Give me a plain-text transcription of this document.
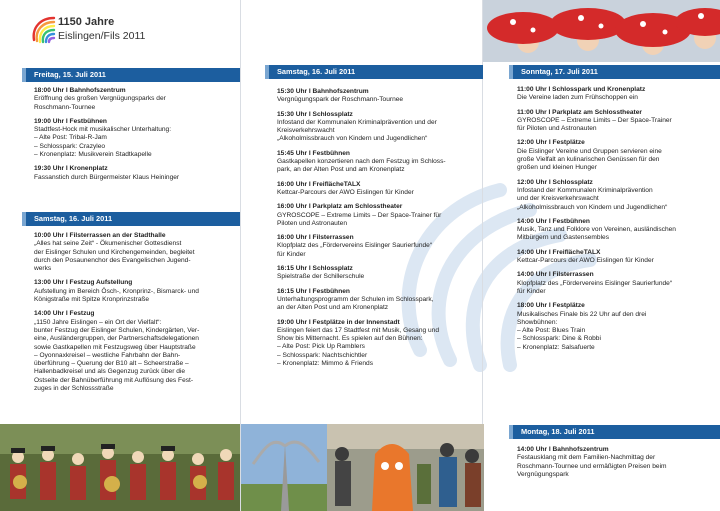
1150 Jahre
Eislingen/Fils 2011
Freitag, 15. Juli 2011
18:00 Uhr I Bahnhofszentrum
Eröffnung des großen Vergnügungsparks der
Roschmann-Tournee
19:00 Uhr I Festbühnen
Stadtfest-Hock mit musikalischer Unterhaltung:
– Alte Post: Tribal-R-Jam
– Schlosspark: Crazyleo
– Kronenplatz: Musikverein Stadtkapelle
19:30 Uhr I Kronenplatz
Fassanstich durch Bürgermeister Klaus Heininger
Samstag, 16. Juli 2011
10:00 Uhr I Filsterrassen an der Stadthalle
„Alles hat seine Zeit“ - Ökumenischer Gottesdienst
der Eislinger Schulen und Kirchengemeinden, begleitet
durch den Posaunenchor des Evangelischen Jugend-
werks
13:00 Uhr I Festzug Aufstellung
Aufstellung im Bereich Ösch-, Kronprinz-, Bismarck- und
Königstraße mit Spitze Kronprinzstraße
14:00 Uhr I Festzug
„1150 Jahre Eislingen – ein Ort der Vielfalt“:
bunter Festzug der Eislinger Schulen, Kindergärten, Ver-
eine, Ausländergruppen, der Partnerschaftsdelegationen
sowie Gastkapellen mit Festzugsweg über Hauptstraße
– Oyonnaxkreisel – westliche Fahrbahn der Bahn-
überführung – Querung der B10 alt – Scheerstraße –
Hallenbadkreisel und als Gegenzug zurück über die
Ostseite der Bahnüberführung mit Auflösung des Fest-
zuges in der Schlossstraße
Samstag, 16. Juli 2011
15:30 Uhr I Bahnhofszentrum
Vergnügungspark der Roschmann-Tournee
15:30 Uhr I Schlossplatz
Infostand der Kommunalen Kriminalprävention und der
Kreisverkehrswacht
„Alkoholmissbrauch von Kindern und Jugendlichen“
15:45 Uhr I Festbühnen
Gastkapellen konzertieren nach dem Festzug im Schloss-
park, an der Alten Post und am Kronenplatz
16:00 Uhr I FreiflächeTALX
Kettcar-Parcours der AWO Eislingen für Kinder
16:00 Uhr I Parkplatz am Schlosstheater
GYROSCOPE – Extreme Limits – Der Space-Trainer für
Piloten und Astronauten
16:00 Uhr I Filsterrassen
Klopfplatz des „Fördervereins Eislinger Saurierfunde“
für Kinder
16:15 Uhr I Schlossplatz
Spielstraße der Schillerschule
16:15 Uhr I Festbühnen
Unterhaltungsprogramm der Schulen im Schlosspark,
an der Alten Post und am Kronenplatz
19:00 Uhr I Festplätze in der Innenstadt
Eislingen feiert das 17 Stadtfest mit Musik, Gesang und
Show bis Mitternacht. Es spielen auf den Bühnen:
– Alte Post: Pick Up Ramblers
– Schlosspark: Nachtschichtler
– Kronenplatz: Mimmo & Friends
Sonntag, 17. Juli 2011
11:00 Uhr I Schlosspark und Kronenplatz
Die Vereine laden zum Frühschoppen ein
11:00 Uhr I Parkplatz am Schlosstheater
GYROSCOPE – Extreme Limits – Der Space-Trainer
für Piloten und Astronauten
12:00 Uhr I Festplätze
Die Eislinger Vereine und Gruppen servieren eine
große Vielfalt an kulinarischen Genüssen für den
großen und kleinen Hunger
12:00 Uhr I Schlossplatz
Infostand der Kommunalen Kriminalprävention
und der Kreisverkehrswacht
„Alkoholmissbrauch von Kindern und Jugendlichen“
14:00 Uhr I Festbühnen
Musik, Tanz und Folklore von Vereinen, ausländischen
Mitbürgern und Gastensembles
14:00 Uhr I FreiflächeTALX
Kettcar-Parcours der AWO Eislingen für Kinder
14:00 Uhr I Filsterrassen
Klopfplatz des „Fördervereins Eislinger Saurierfunde“
für Kinder
18:00 Uhr I Festplätze
Musikalisches Finale bis 22 Uhr auf den drei
Showbühnen:
– Alte Post: Blues Train
– Schlosspark: Dine & Robbi
– Kronenplatz: Salsafuerte
Montag, 18. Juli 2011
14:00 Uhr I Bahnhofszentrum
Festausklang mit dem Familien-Nachmittag der
Roschmann-Tournee und ermäßigten Preisen beim
Vergnügungspark
